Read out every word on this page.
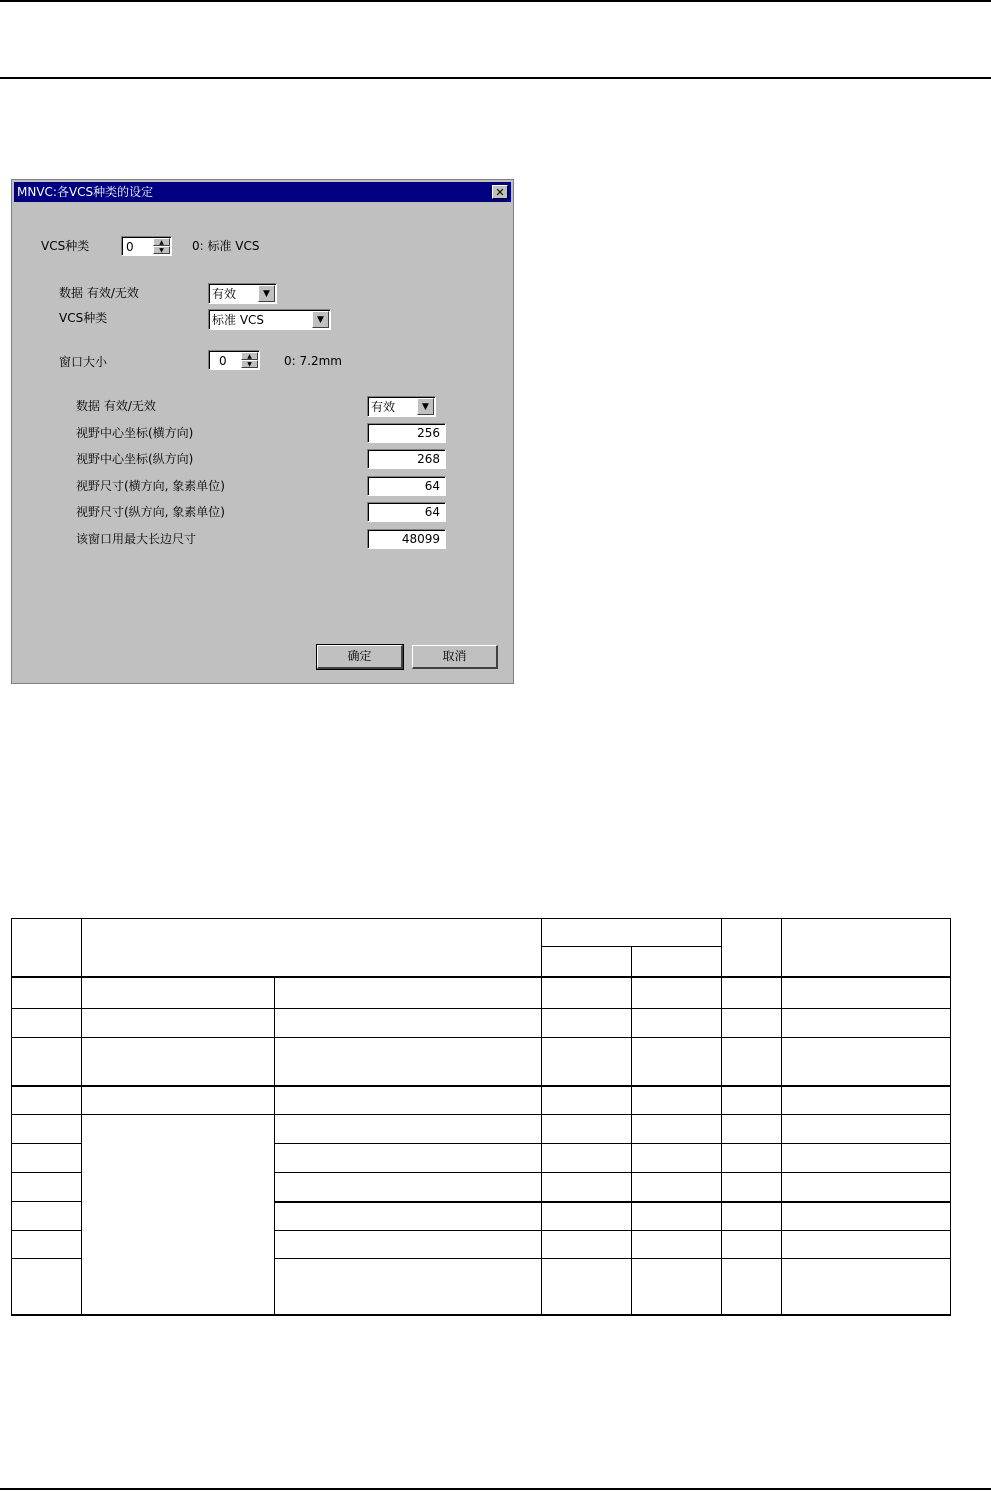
MNVC:各VCS种类的设定	✕
VCS种类	0	▲
▼	0: 标准 VCS
数据 有效/无效	有效	▼
VCS种类	标准 VCS	▼
窗口大小	0	▲
▼	0: 7.2mm
数据 有效/无效	有效	▼
视野中心坐标(横方向)	256
视野中心坐标(纵方向)	268
视野尺寸(横方向, 象素单位)	64
视野尺寸(纵方向, 象素单位)	64
该窗口用最大长边尺寸	48099
确定	取消
